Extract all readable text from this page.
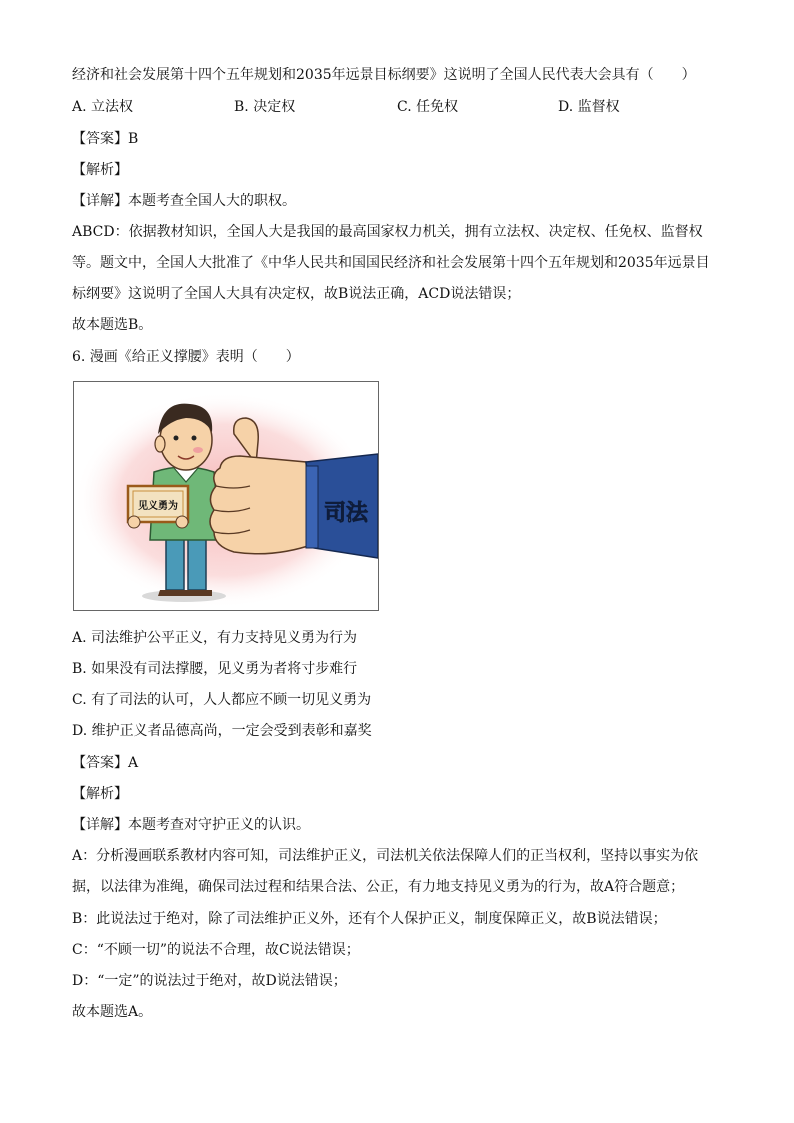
经济和社会发展第十四个五年规划和2035年远景目标纲要》这说明了全国人民代表大会具有（　　）
A. 立法权	B. 决定权	C. 任免权	D. 监督权
【答案】B
【解析】
【详解】本题考查全国人大的职权。
ABCD：依据教材知识，全国人大是我国的最高国家权力机关，拥有立法权、决定权、任免权、监督权
等。题文中，全国人大批准了《中华人民共和国国民经济和社会发展第十四个五年规划和2035年远景目
标纲要》这说明了全国人大具有决定权，故B说法正确，ACD说法错误；
故本题选B。
6. 漫画《给正义撑腰》表明（　　）
见义勇为	司法
A. 司法维护公平正义，有力支持见义勇为行为
B. 如果没有司法撑腰，见义勇为者将寸步难行
C. 有了司法的认可，人人都应不顾一切见义勇为
D. 维护正义者品德高尚，一定会受到表彰和嘉奖
【答案】A
【解析】
【详解】本题考查对守护正义的认识。
A：分析漫画联系教材内容可知，司法维护正义，司法机关依法保障人们的正当权利，坚持以事实为依
据，以法律为准绳，确保司法过程和结果合法、公正，有力地支持见义勇为的行为，故A符合题意；
B：此说法过于绝对，除了司法维护正义外，还有个人保护正义，制度保障正义，故B说法错误；
C：“不顾一切”的说法不合理，故C说法错误；
D：“一定”的说法过于绝对，故D说法错误；
故本题选A。
